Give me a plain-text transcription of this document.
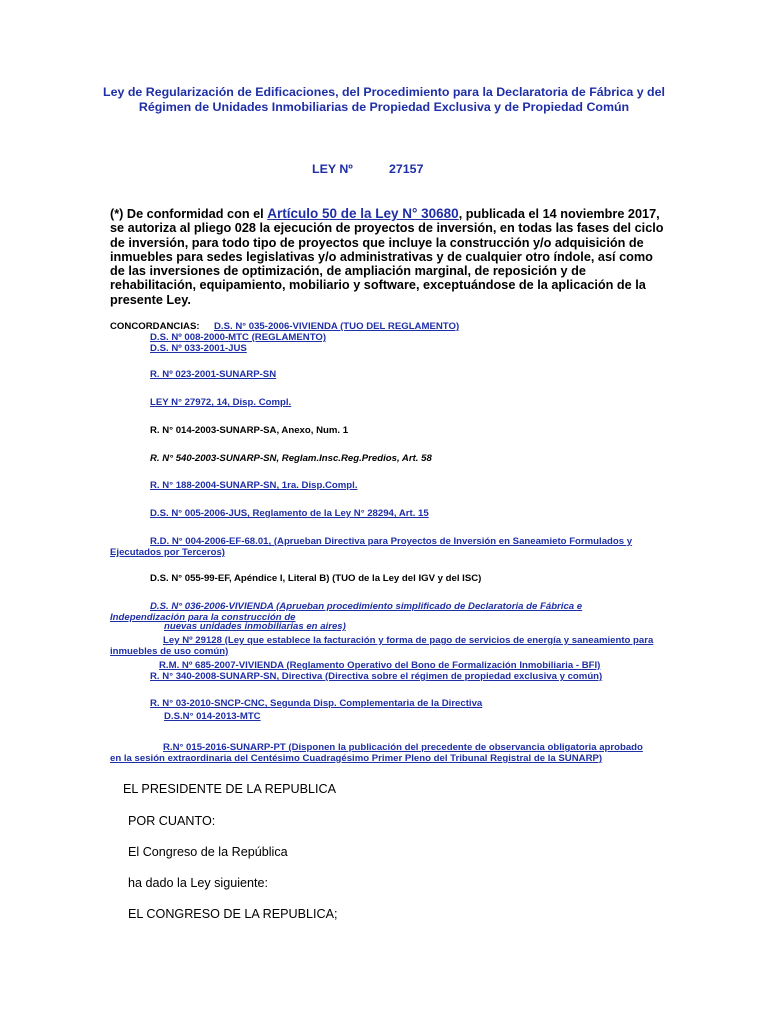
Ley de Regularización de Edificaciones, del Procedimiento para la Declaratoria de Fábrica y del Régimen de Unidades Inmobiliarias de Propiedad Exclusiva y de Propiedad Común
LEY Nº	27157
(*) De conformidad con el Artículo 50 de la Ley N° 30680, publicada el 14 noviembre 2017, se autoriza al pliego 028 la ejecución de proyectos de inversión, en todas las fases del ciclo de inversión, para todo tipo de proyectos que incluye la construcción y/o adquisición de inmuebles para sedes legislativas y/o administrativas y de cualquier otro índole, así como de las inversiones de optimización, de ampliación marginal, de reposición y de rehabilitación, equipamiento, mobiliario y software, exceptuándose de la aplicación de la presente Ley.
CONCORDANCIAS: D.S. N° 035-2006-VIVIENDA (TUO DEL REGLAMENTO)
D.S. Nº 008-2000-MTC (REGLAMENTO)
D.S. Nº 033-2001-JUS
R. Nº 023-2001-SUNARP-SN
LEY N° 27972, 14, Disp. Compl.
R. N° 014-2003-SUNARP-SA, Anexo, Num. 1
R. N° 540-2003-SUNARP-SN, Reglam.Insc.Reg.Predios, Art. 58
R. N° 188-2004-SUNARP-SN, 1ra. Disp.Compl.
D.S. N° 005-2006-JUS, Reglamento de la Ley N° 28294, Art. 15
R.D. N° 004-2006-EF-68.01, (Aprueban Directiva para Proyectos de Inversión en Saneamieto Formulados y Ejecutados por Terceros)
D.S. N° 055-99-EF, Apéndice I, Literal B) (TUO de la Ley del IGV y del ISC)
D.S. N° 036-2006-VIVIENDA (Aprueban procedimiento simplificado de Declaratoria de Fábrica e Independización para la construcción de
nuevas unidades inmobiliarias en aires)
Ley Nº 29128 (Ley que establece la facturación y forma de pago de servicios de energía y saneamiento para inmuebles de uso común)
R.M. Nº 685-2007-VIVIENDA (Reglamento Operativo del Bono de Formalización Inmobiliaria - BFI)
R. N° 340-2008-SUNARP-SN, Directiva (Directiva sobre el régimen de propiedad exclusiva y común)
R. N° 03-2010-SNCP-CNC, Segunda Disp. Complementaria de la Directiva
D.S.N° 014-2013-MTC
R.N° 015-2016-SUNARP-PT (Disponen la publicación del precedente de observancia obligatoria aprobado en la sesión extraordinaria del Centésimo Cuadragésimo Primer Pleno del Tribunal Registral de la SUNARP)
EL PRESIDENTE DE LA REPUBLICA
POR CUANTO:
El Congreso de la República
ha dado la Ley siguiente:
EL CONGRESO DE LA REPUBLICA;
